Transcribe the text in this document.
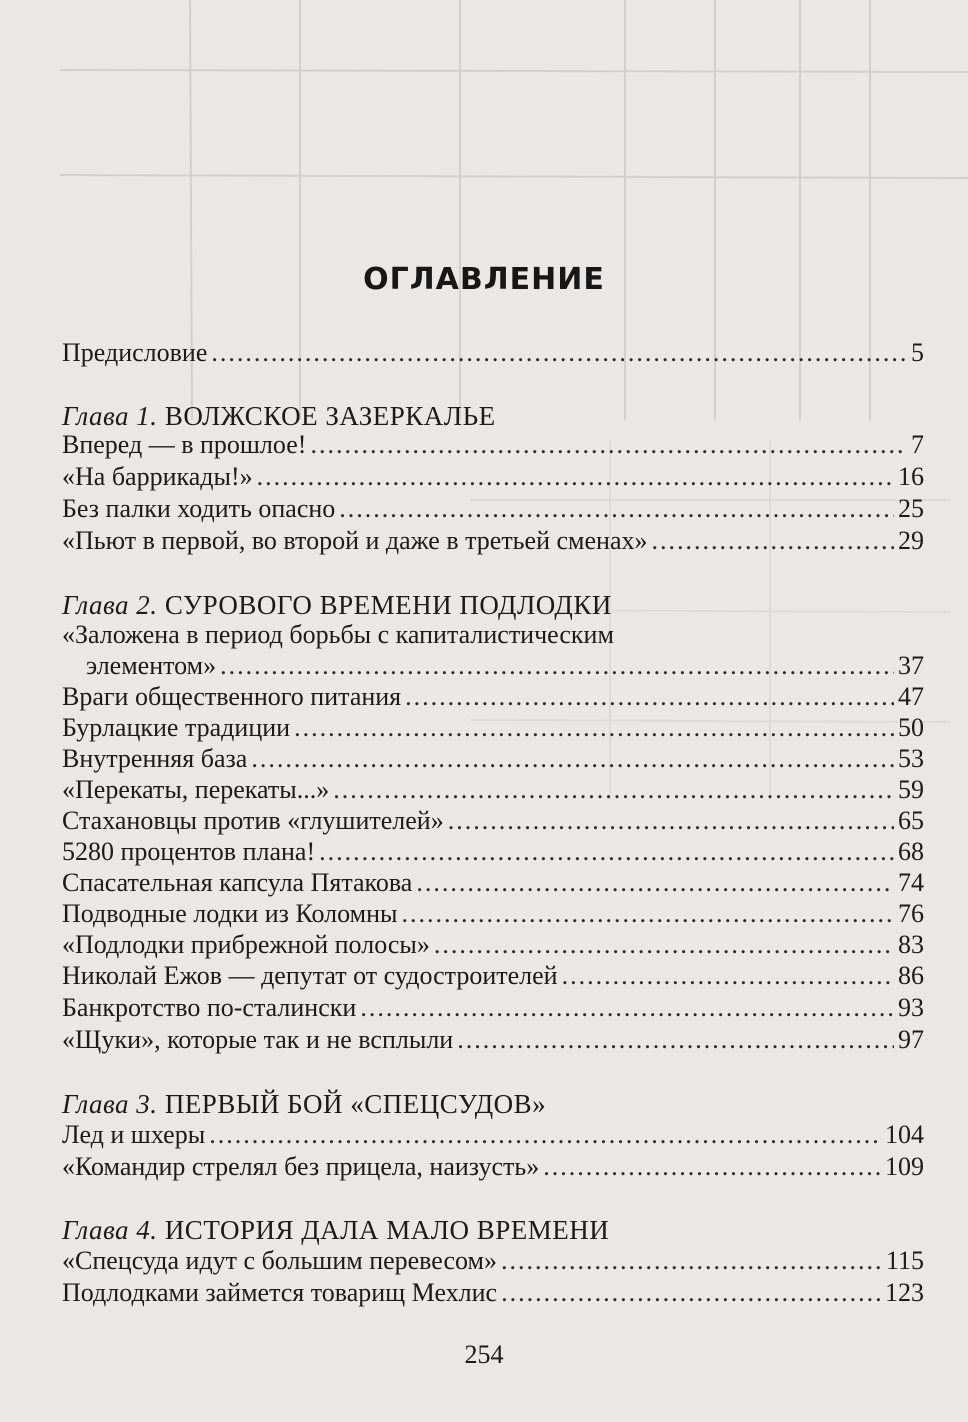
ОГЛАВЛЕНИЕ
Предисловие .....	5
Глава 1. ВОЛЖСКОЕ ЗАЗЕРКАЛЬЕ
Вперед — в прошлое! .....	7
«На баррикады!» .....	16
Без палки ходить опасно .....	25
«Пьют в первой, во второй и даже в третьей сменах» .....	29
Глава 2. СУРОВОГО ВРЕМЕНИ ПОДЛОДКИ
«Заложена в период борьбы с капиталистическим
элементом» .....	37
Враги общественного питания .....	47
Бурлацкие традиции .....	50
Внутренняя база .....	53
«Перекаты, перекаты...» .....	59
Стахановцы против «глушителей» .....	65
5280 процентов плана! .....	68
Спасательная капсула Пятакова .....	74
Подводные лодки из Коломны .....	76
«Подлодки прибрежной полосы» .....	83
Николай Ежов — депутат от судостроителей .....	86
Банкротство по-сталински .....	93
«Щуки», которые так и не всплыли .....	97
Глава 3. ПЕРВЫЙ БОЙ «СПЕЦСУДОВ»
Лед и шхеры .....	104
«Командир стрелял без прицела, наизусть» .....	109
Глава 4. ИСТОРИЯ ДАЛА МАЛО ВРЕМЕНИ
«Спецсуда идут с большим перевесом» .....	115
Подлодками займется товарищ Мехлис .....	123
254
